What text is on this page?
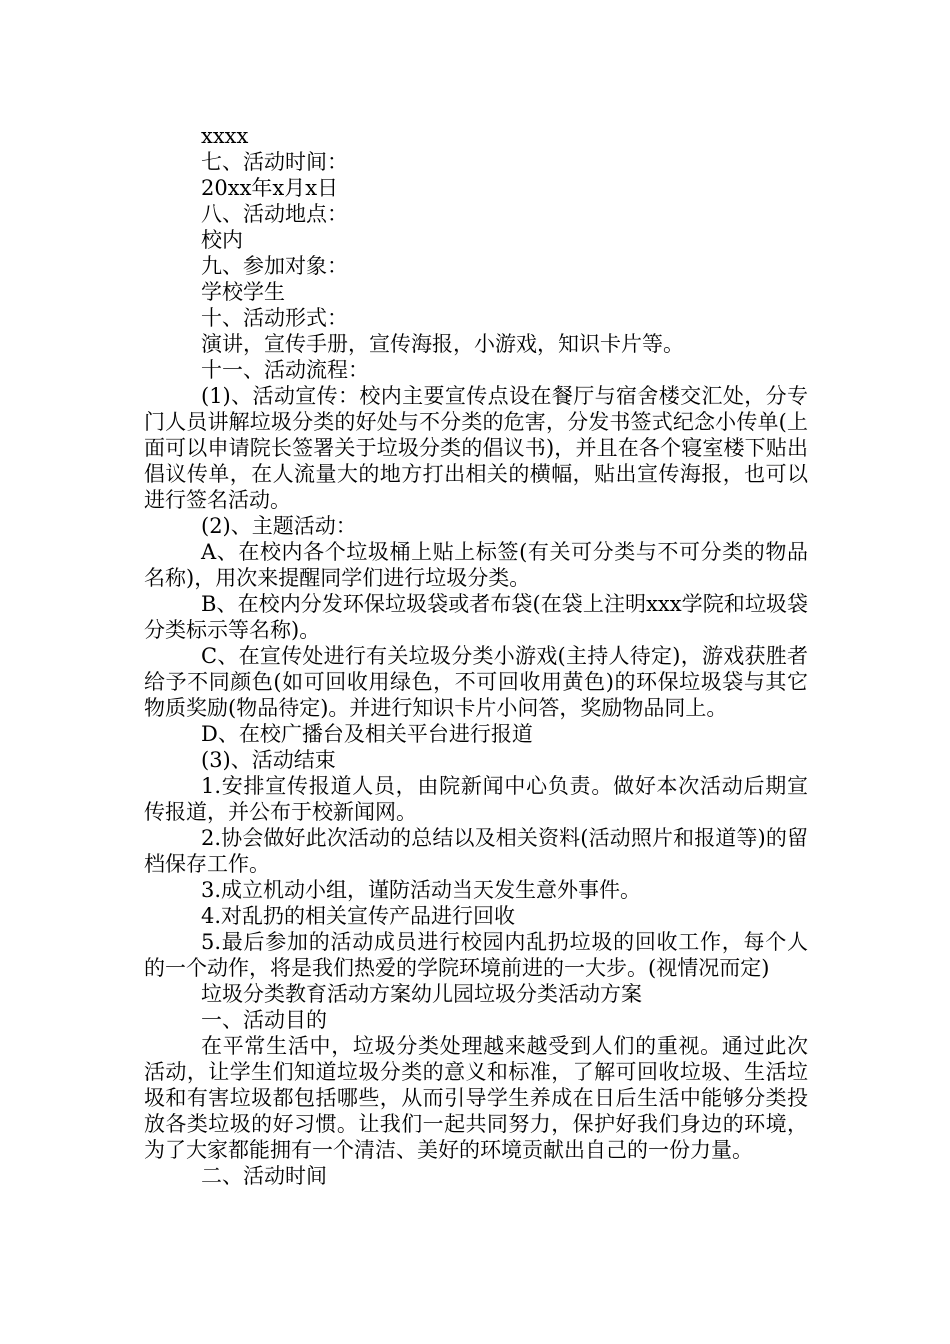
xxxx

七、活动时间：

20xx年x月x日

八、活动地点：

校内

九、参加对象：

学校学生

十、活动形式：

演讲，宣传手册，宣传海报，小游戏，知识卡片等。

十一、活动流程：

(1)、活动宣传：校内主要宣传点设在餐厅与宿舍楼交汇处，分专门人员讲解垃圾分类的好处与不分类的危害，分发书签式纪念小传单(上面可以申请院长签署关于垃圾分类的倡议书)，并且在各个寝室楼下贴出倡议传单，在人流量大的地方打出相关的横幅，贴出宣传海报，也可以进行签名活动。

(2)、主题活动：

A、在校内各个垃圾桶上贴上标签(有关可分类与不可分类的物品名称)，用次来提醒同学们进行垃圾分类。

B、在校内分发环保垃圾袋或者布袋(在袋上注明xxx学院和垃圾袋分类标示等名称)。

C、在宣传处进行有关垃圾分类小游戏(主持人待定)，游戏获胜者给予不同颜色(如可回收用绿色，不可回收用黄色)的环保垃圾袋与其它物质奖励(物品待定)。并进行知识卡片小问答，奖励物品同上。

D、在校广播台及相关平台进行报道

(3)、活动结束

1.安排宣传报道人员，由院新闻中心负责。做好本次活动后期宣传报道，并公布于校新闻网。

2.协会做好此次活动的总结以及相关资料(活动照片和报道等)的留档保存工作。

3.成立机动小组，谨防活动当天发生意外事件。

4.对乱扔的相关宣传产品进行回收

5.最后参加的活动成员进行校园内乱扔垃圾的回收工作，每个人的一个动作，将是我们热爱的学院环境前进的一大步。(视情况而定)

垃圾分类教育活动方案幼儿园垃圾分类活动方案

一、活动目的

在平常生活中，垃圾分类处理越来越受到人们的重视。通过此次活动，让学生们知道垃圾分类的意义和标准，了解可回收垃圾、生活垃圾和有害垃圾都包括哪些，从而引导学生养成在日后生活中能够分类投放各类垃圾的好习惯。让我们一起共同努力，保护好我们身边的环境，为了大家都能拥有一个清洁、美好的环境贡献出自己的一份力量。

二、活动时间
